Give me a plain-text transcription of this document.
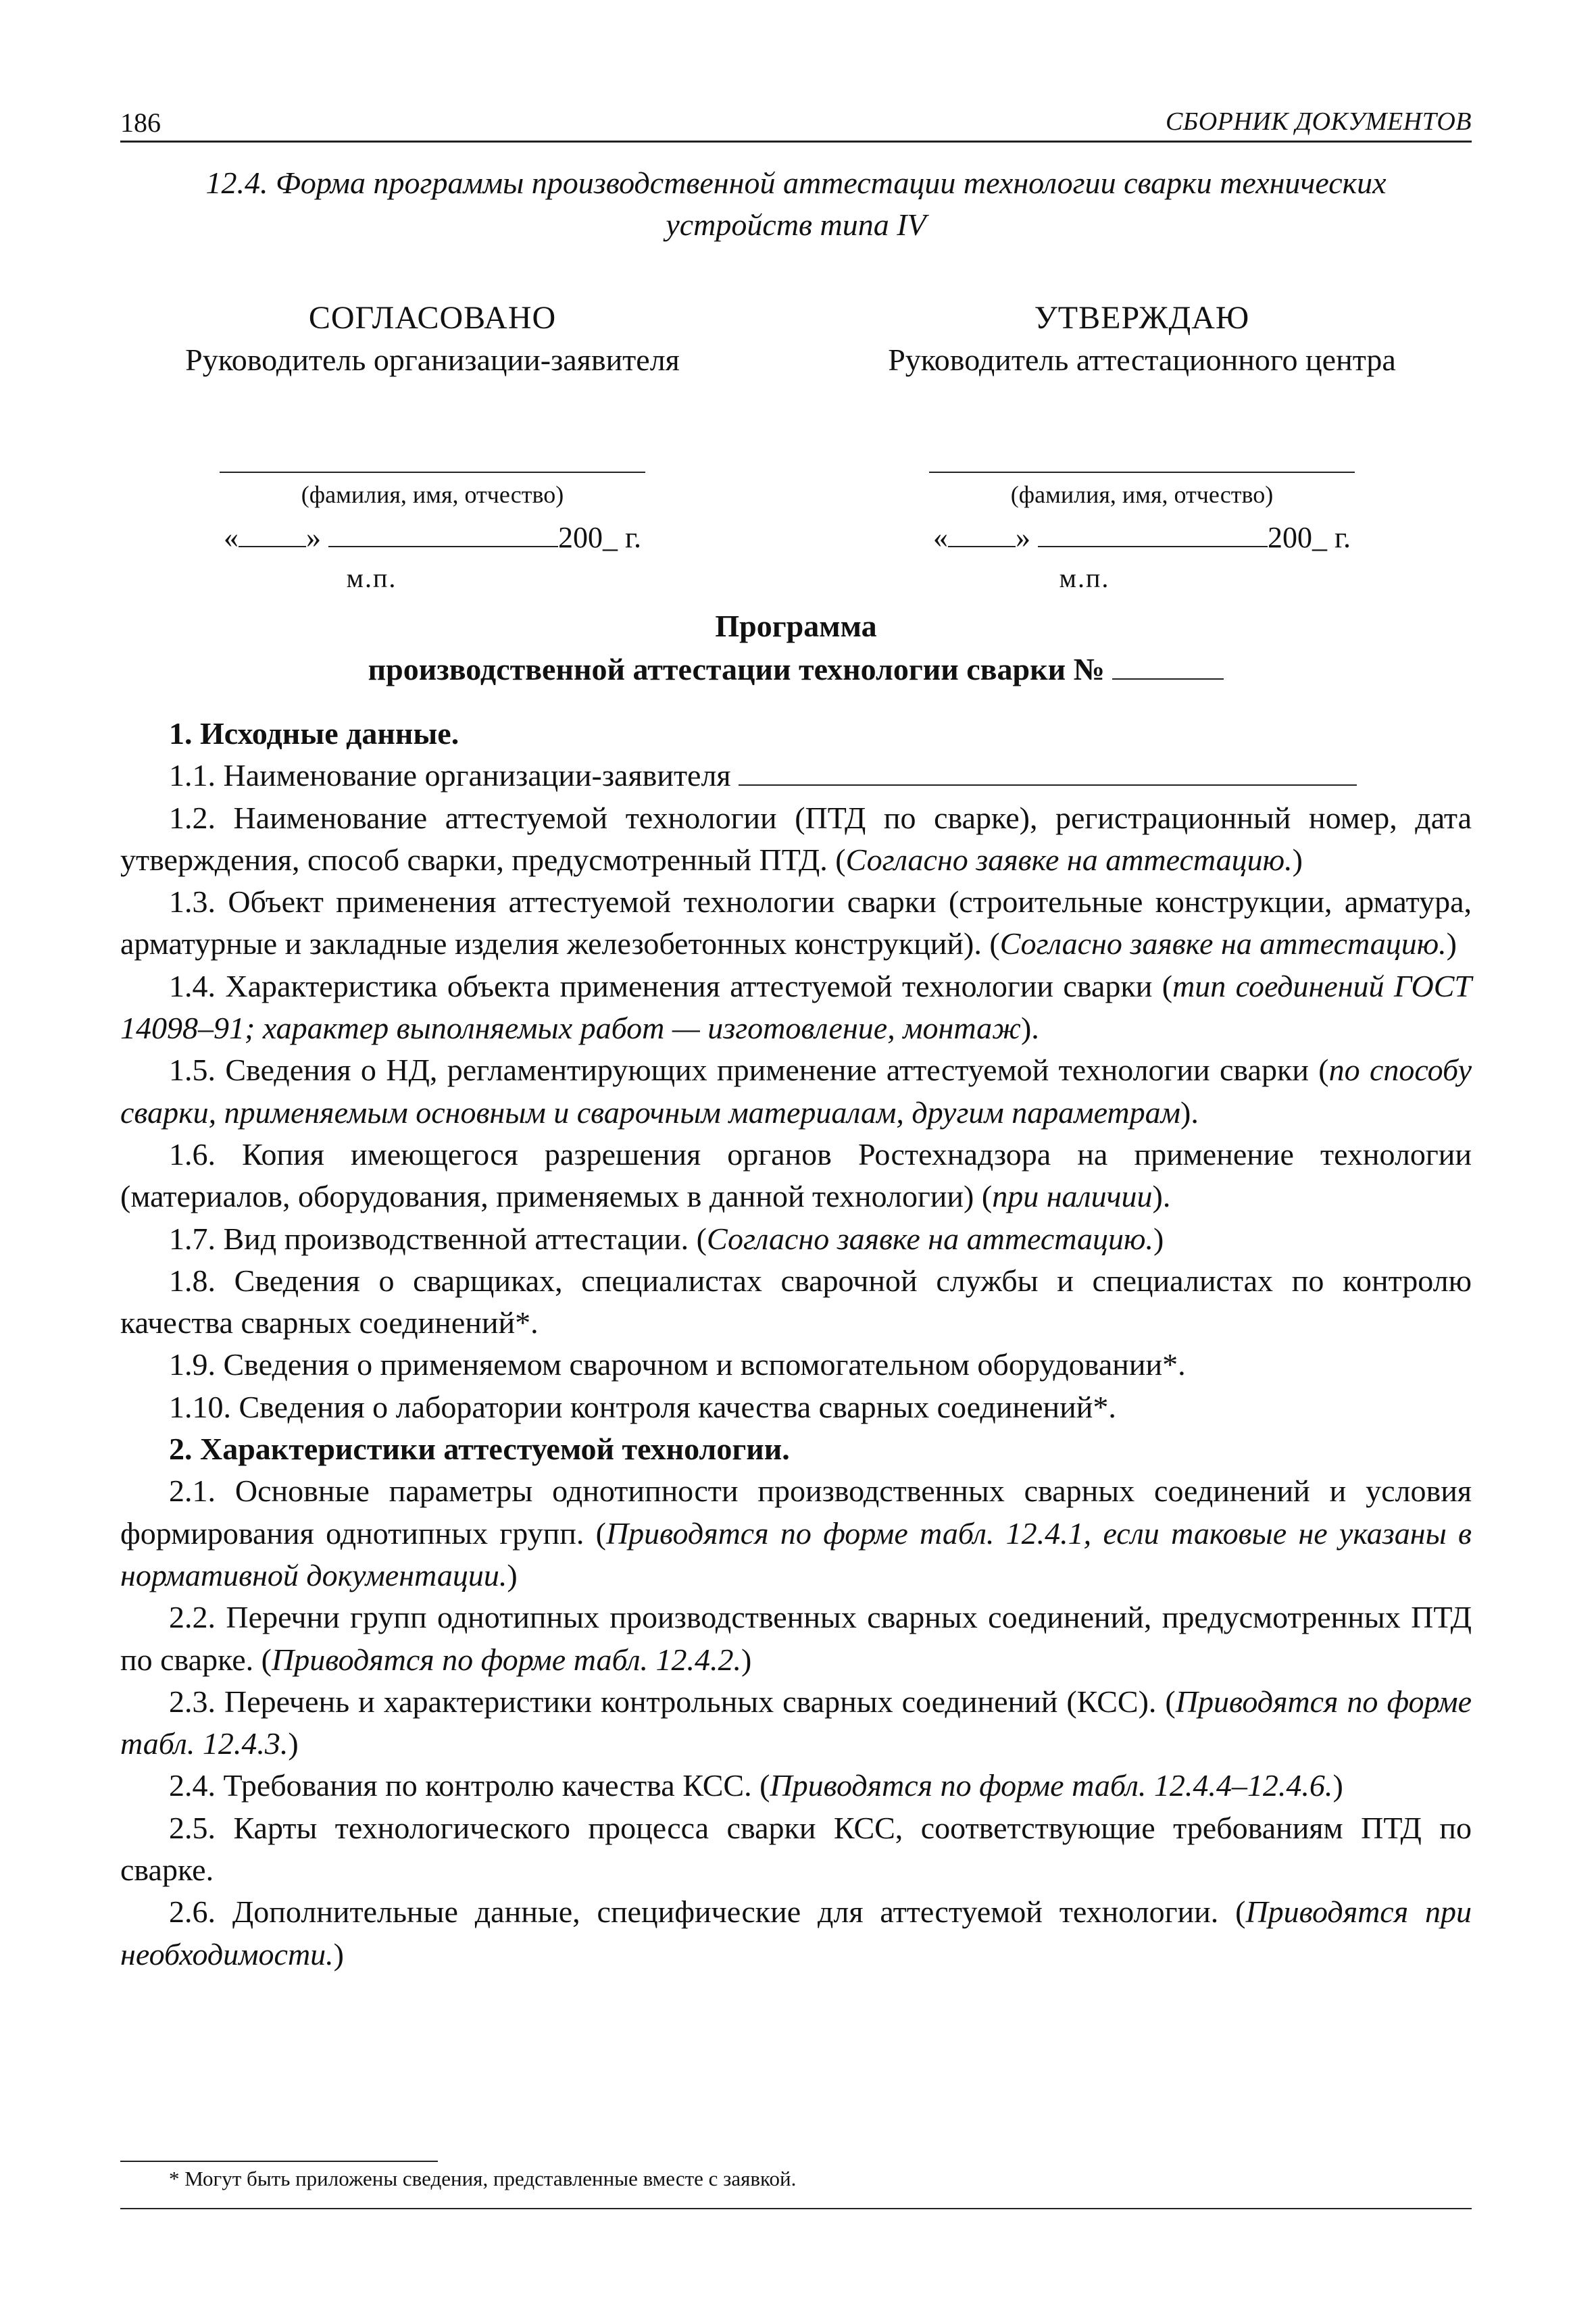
186	СБОРНИК ДОКУМЕНТОВ
12.4. Форма программы производственной аттестации технологии сварки технических
устройств типа IV
СОГЛАСОВАНО
Руководитель организации-заявителя
(фамилия, имя, отчество)
« »	200_ г.
м.п.
УТВЕРЖДАЮ
Руководитель аттестационного центра
(фамилия, имя, отчество)
« »	200_ г.
м.п.
Программа
производственной аттестации технологии сварки №

1. Исходные данные.

1.1. Наименование организации-заявителя

1.2. Наименование аттестуемой технологии (ПТД по сварке), регистрационный номер, дата утверждения, способ сварки, предусмотренный ПТД. (Согласно заявке на аттестацию.)

1.3. Объект применения аттестуемой технологии сварки (строительные конструкции, арматура, арматурные и закладные изделия железобетонных конструкций). (Согласно заявке на аттестацию.)

1.4. Характеристика объекта применения аттестуемой технологии сварки (тип соединений ГОСТ 14098–91; характер выполняемых работ — изготовление, монтаж).

1.5. Сведения о НД, регламентирующих применение аттестуемой технологии сварки (по способу сварки, применяемым основным и сварочным материалам, другим параметрам).

1.6. Копия имеющегося разрешения органов Ростехнадзора на применение технологии (материалов, оборудования, применяемых в данной технологии) (при наличии).

1.7. Вид производственной аттестации. (Согласно заявке на аттестацию.)

1.8. Сведения о сварщиках, специалистах сварочной службы и специалистах по контролю качества сварных соединений*.

1.9. Сведения о применяемом сварочном и вспомогательном оборудовании*.

1.10. Сведения о лаборатории контроля качества сварных соединений*.

2. Характеристики аттестуемой технологии.

2.1. Основные параметры однотипности производственных сварных соединений и условия формирования однотипных групп. (Приводятся по форме табл. 12.4.1, если таковые не указаны в нормативной документации.)

2.2. Перечни групп однотипных производственных сварных соединений, предусмотренных ПТД по сварке. (Приводятся по форме табл. 12.4.2.)

2.3. Перечень и характеристики контрольных сварных соединений (КСС). (Приводятся по форме табл. 12.4.3.)

2.4. Требования по контролю качества КСС. (Приводятся по форме табл. 12.4.4–12.4.6.)

2.5. Карты технологического процесса сварки КСС, соответствующие требованиям ПТД по сварке.

2.6. Дополнительные данные, специфические для аттестуемой технологии. (Приводятся при необходимости.)

* Могут быть приложены сведения, представленные вместе с заявкой.
